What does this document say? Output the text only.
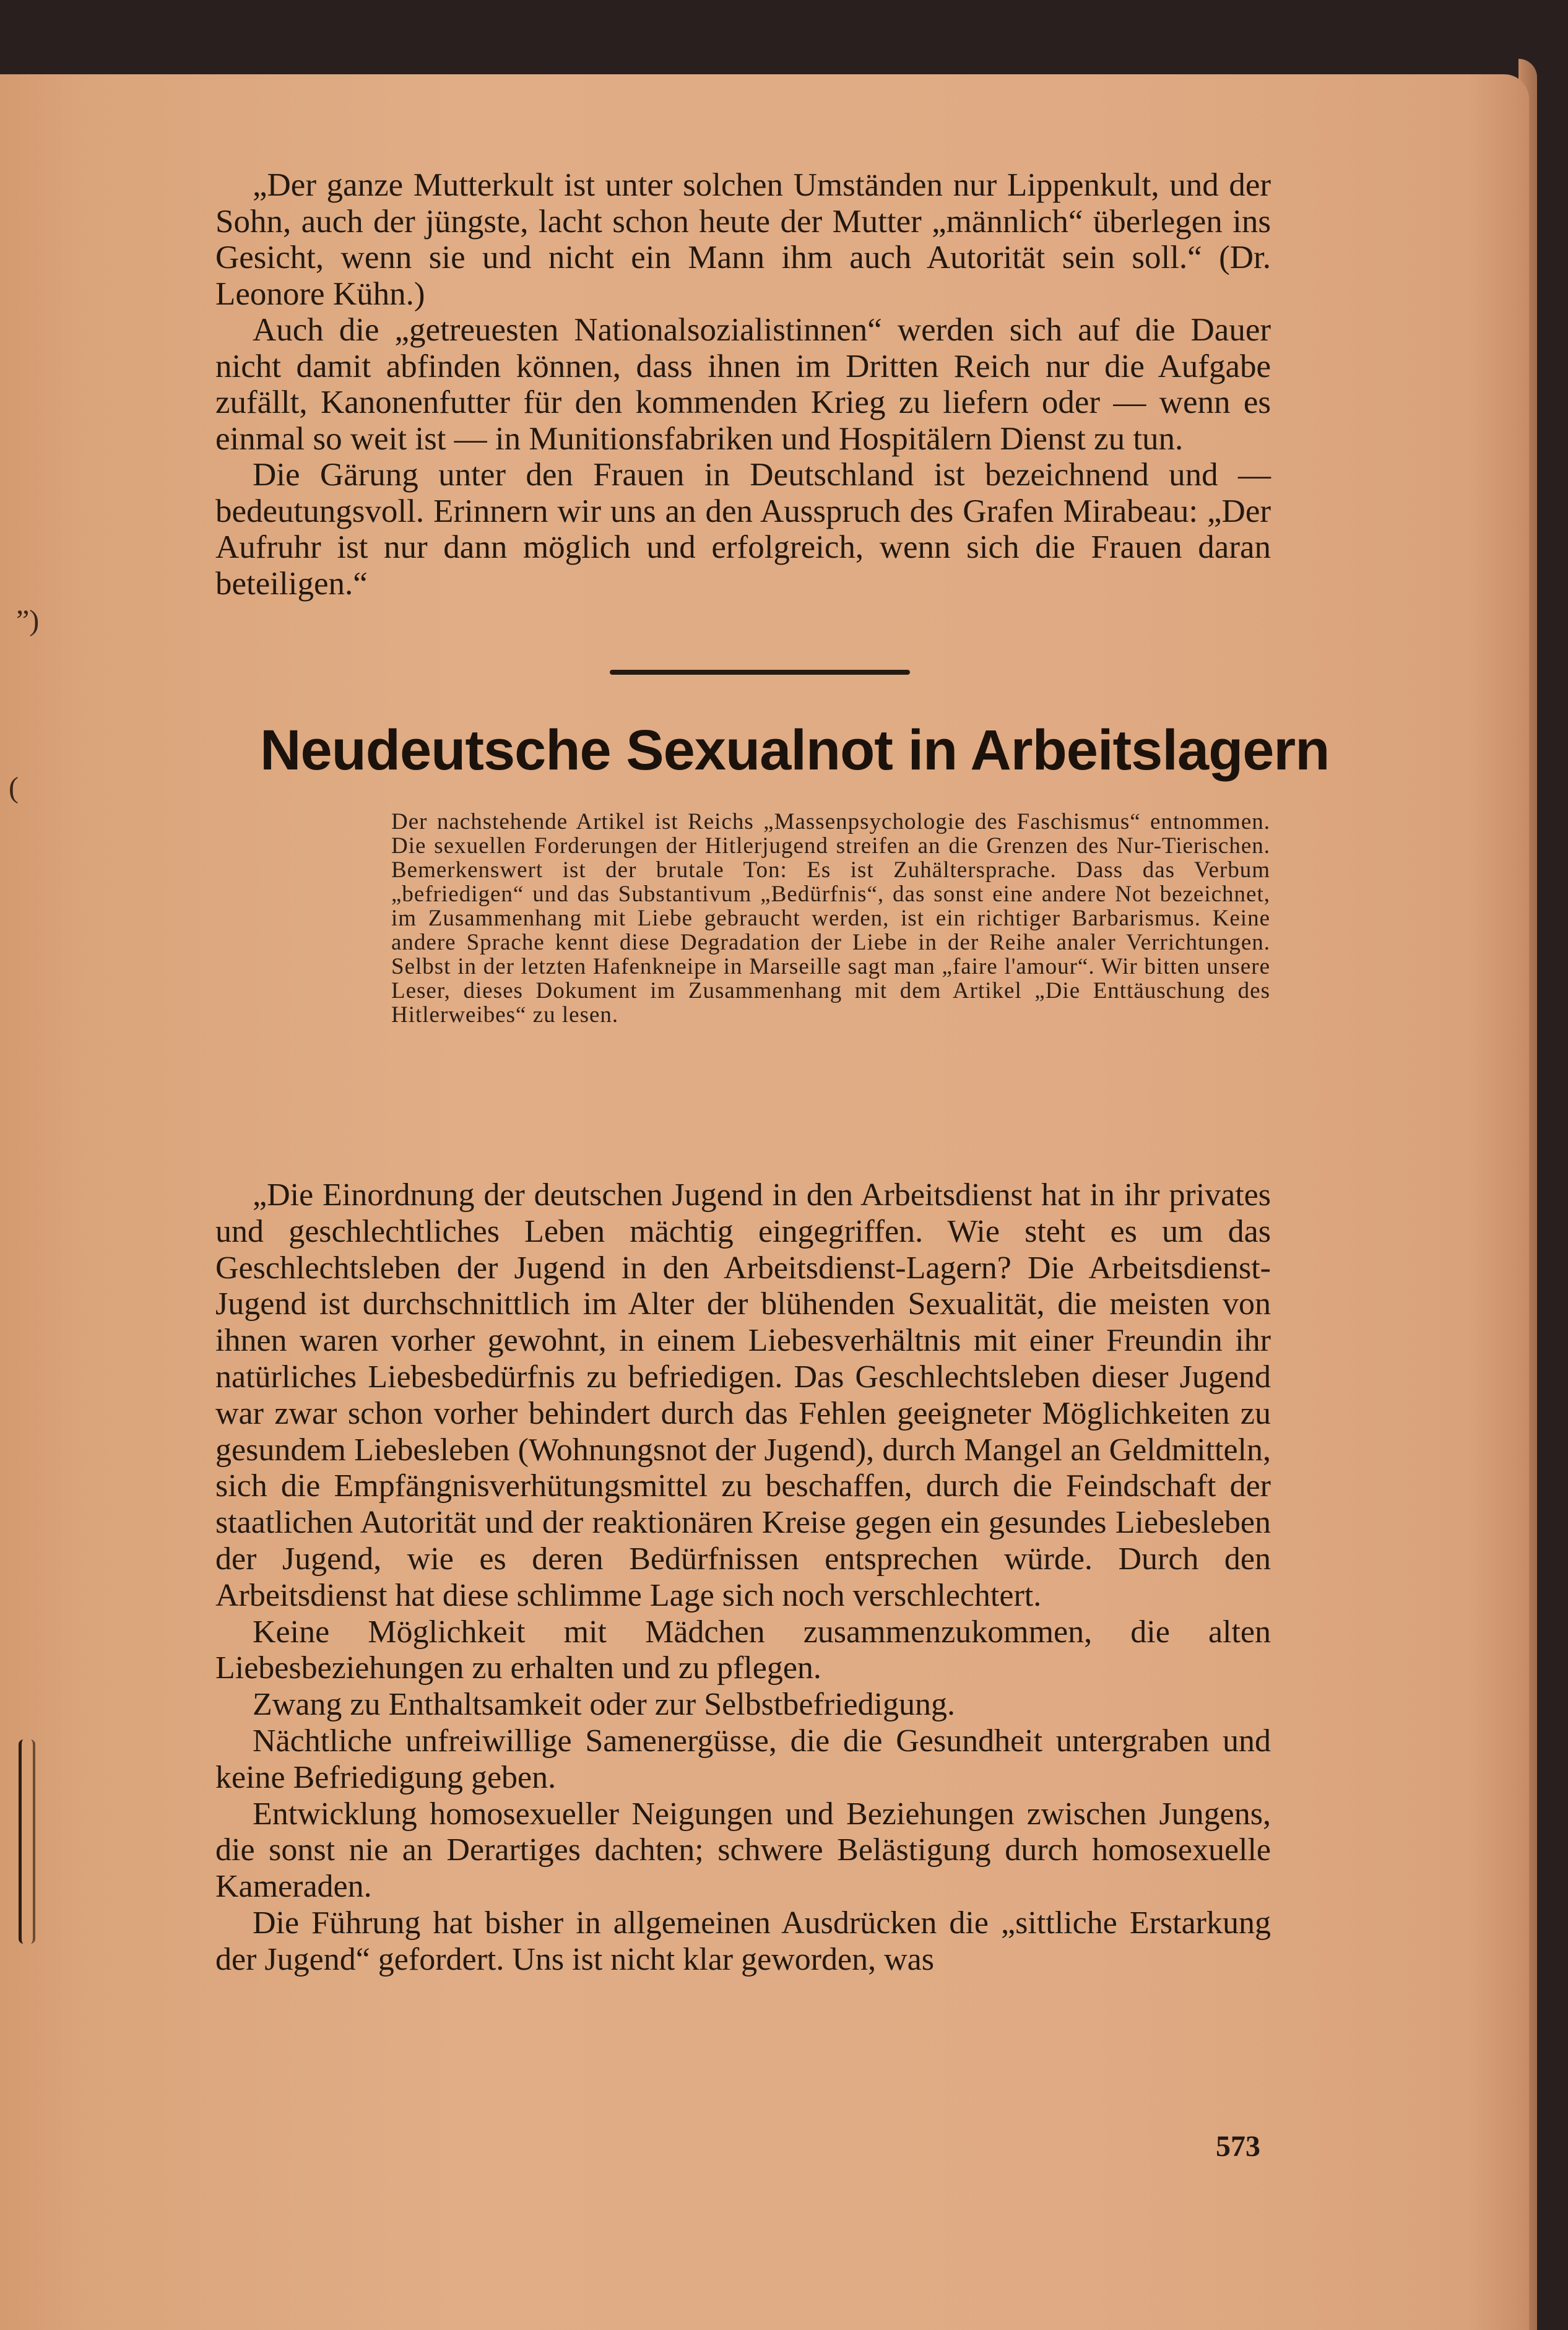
”)
(

„Der ganze Mutterkult ist unter solchen Umständen nur Lippenkult, und der Sohn, auch der jüngste, lacht schon heute der Mutter „männlich“ überlegen ins Gesicht, wenn sie und nicht ein Mann ihm auch Autorität sein soll.“ (Dr. Leonore Kühn.)

Auch die „getreuesten Nationalsozialistinnen“ werden sich auf die Dauer nicht damit abfinden können, dass ihnen im Dritten Reich nur die Aufgabe zufällt, Kanonenfutter für den kommenden Krieg zu liefern oder — wenn es einmal so weit ist — in Munitionsfabriken und Hospitälern Dienst zu tun.

Die Gärung unter den Frauen in Deutschland ist bezeichnend und — bedeutungsvoll. Erinnern wir uns an den Ausspruch des Grafen Mirabeau: „Der Aufruhr ist nur dann möglich und erfolgreich, wenn sich die Frauen daran beteiligen.“

Neudeutsche Sexualnot in Arbeitslagern
Der nachstehende Artikel ist Reichs „Massenpsychologie des Faschismus“ entnommen. Die sexuellen Forderungen der Hitlerjugend streifen an die Grenzen des Nur-Tierischen. Bemerkenswert ist der brutale Ton: Es ist Zuhältersprache. Dass das Verbum „befriedigen“ und das Substantivum „Bedürfnis“, das sonst eine andere Not bezeichnet, im Zusammenhang mit Liebe gebraucht werden, ist ein richtiger Barbarismus. Keine andere Sprache kennt diese Degradation der Liebe in der Reihe analer Verrichtungen. Selbst in der letzten Hafenkneipe in Marseille sagt man „faire l'amour“. Wir bitten unsere Leser, dieses Dokument im Zusammenhang mit dem Artikel „Die Enttäuschung des Hitlerweibes“ zu lesen.

„Die Einordnung der deutschen Jugend in den Arbeitsdienst hat in ihr privates und geschlechtliches Leben mächtig eingegriffen. Wie steht es um das Geschlechtsleben der Jugend in den Arbeitsdienst-Lagern? Die Arbeitsdienst-Jugend ist durchschnittlich im Alter der blühenden Sexualität, die meisten von ihnen waren vorher gewohnt, in einem Liebesverhältnis mit einer Freundin ihr natürliches Liebesbedürfnis zu befriedigen. Das Geschlechtsleben dieser Jugend war zwar schon vorher behindert durch das Fehlen geeigneter Möglichkeiten zu gesundem Liebesleben (Wohnungsnot der Jugend), durch Mangel an Geldmitteln, sich die Empfängnisverhütungsmittel zu beschaffen, durch die Feindschaft der staatlichen Autorität und der reaktionären Kreise gegen ein gesundes Liebesleben der Jugend, wie es deren Bedürfnissen entsprechen würde. Durch den Arbeitsdienst hat diese schlimme Lage sich noch verschlechtert.

Keine Möglichkeit mit Mädchen zusammenzukommen, die alten Liebesbeziehungen zu erhalten und zu pflegen.

Zwang zu Enthaltsamkeit oder zur Selbstbefriedigung.

Nächtliche unfreiwillige Samenergüsse, die die Gesundheit untergraben und keine Befriedigung geben.

Entwicklung homosexueller Neigungen und Beziehungen zwischen Jungens, die sonst nie an Derartiges dachten; schwere Belästigung durch homosexuelle Kameraden.

Die Führung hat bisher in allgemeinen Ausdrücken die „sittliche Erstarkung der Jugend“ gefordert. Uns ist nicht klar geworden, was

573
